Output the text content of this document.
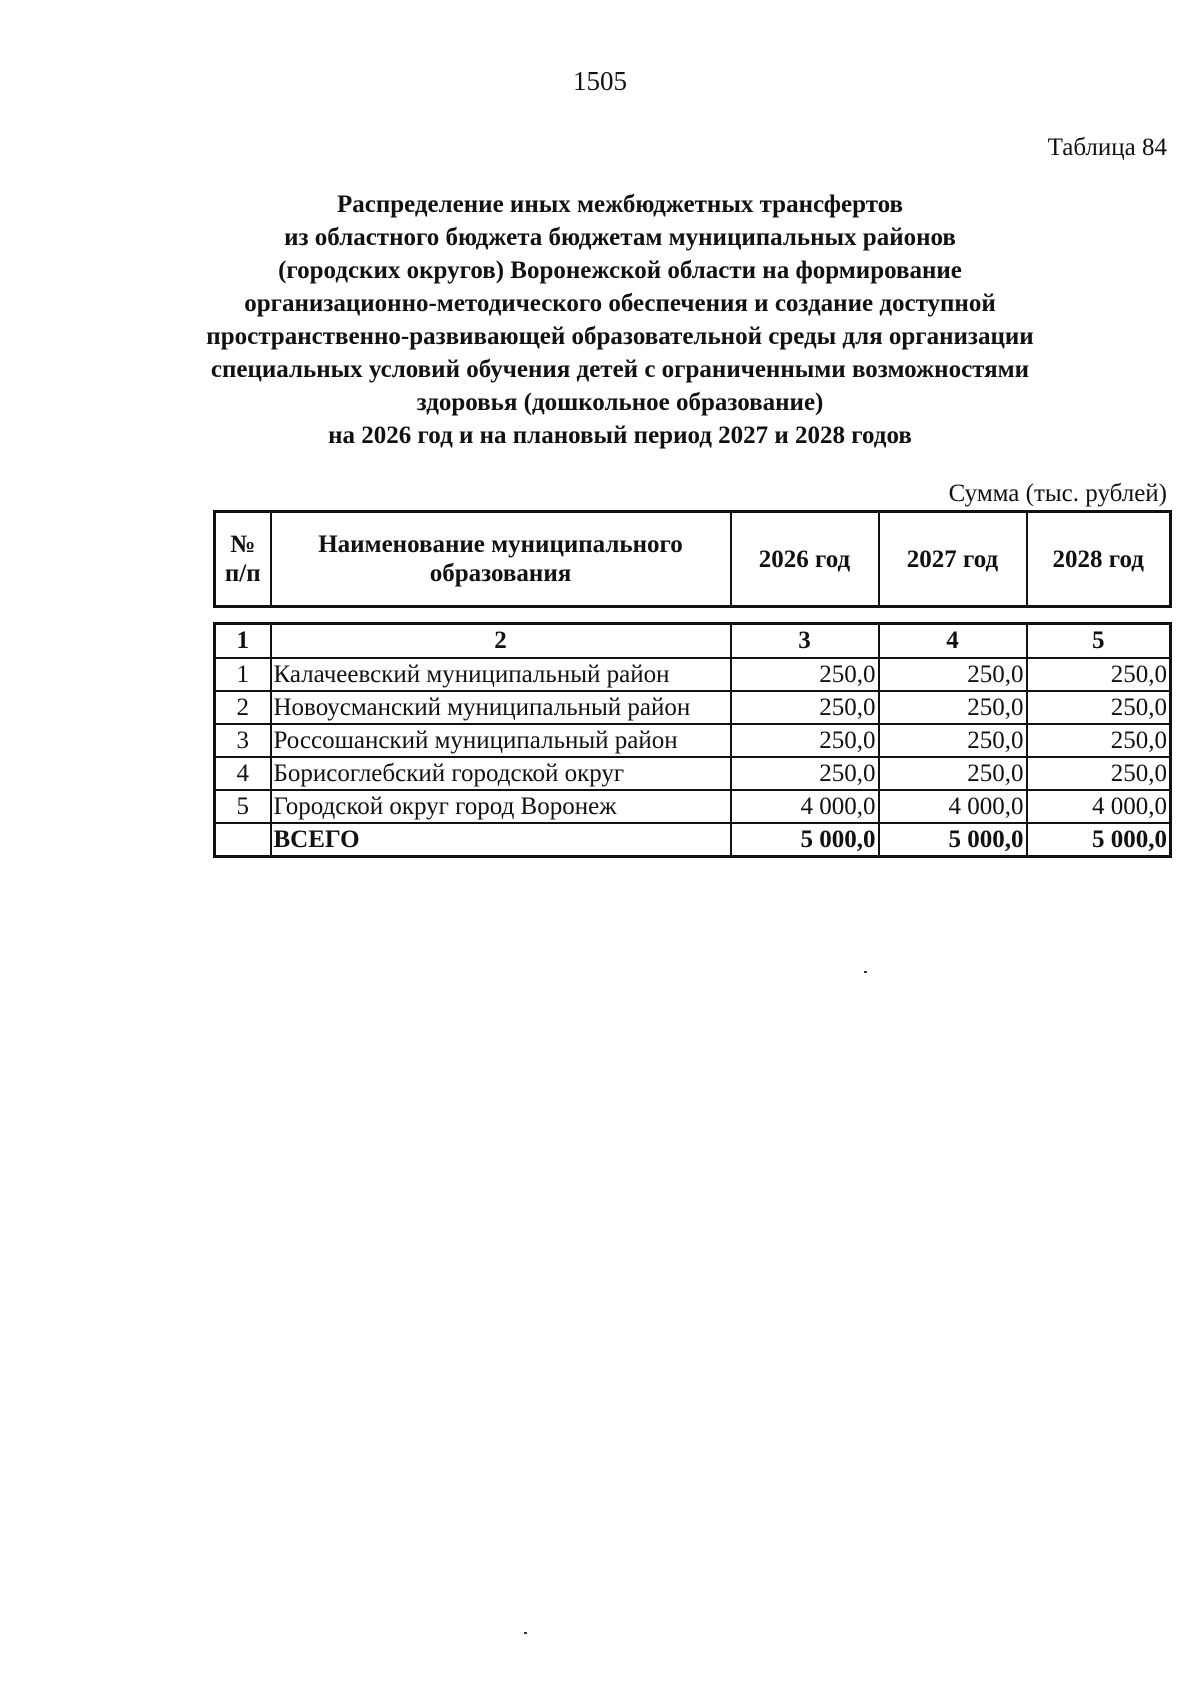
1505
Таблица 84
Распределение иных межбюджетных трансфертов
из областного бюджета бюджетам муниципальных районов
(городских округов) Воронежской области на формирование
организационно-методического обеспечения и создание доступной
пространственно-развивающей образовательной среды для организации
специальных условий обучения детей с ограниченными возможностями
здоровья (дошкольное образование)
на 2026 год и на плановый период 2027 и 2028 годов
Сумма (тыс. рублей)
№
п/п
	Наименование муниципального образования	2026 год	2027 год	2028 год
1	2	3	4	5
1	Калачеевский муниципальный район	250,0	250,0	250,0
2	Новоусманский муниципальный район	250,0	250,0	250,0
3	Россошанский муниципальный район	250,0	250,0	250,0
4	Борисоглебский городской округ	250,0	250,0	250,0
5	Городской округ город Воронеж	4 000,0	4 000,0	4 000,0
	ВСЕГО	5 000,0	5 000,0	5 000,0
